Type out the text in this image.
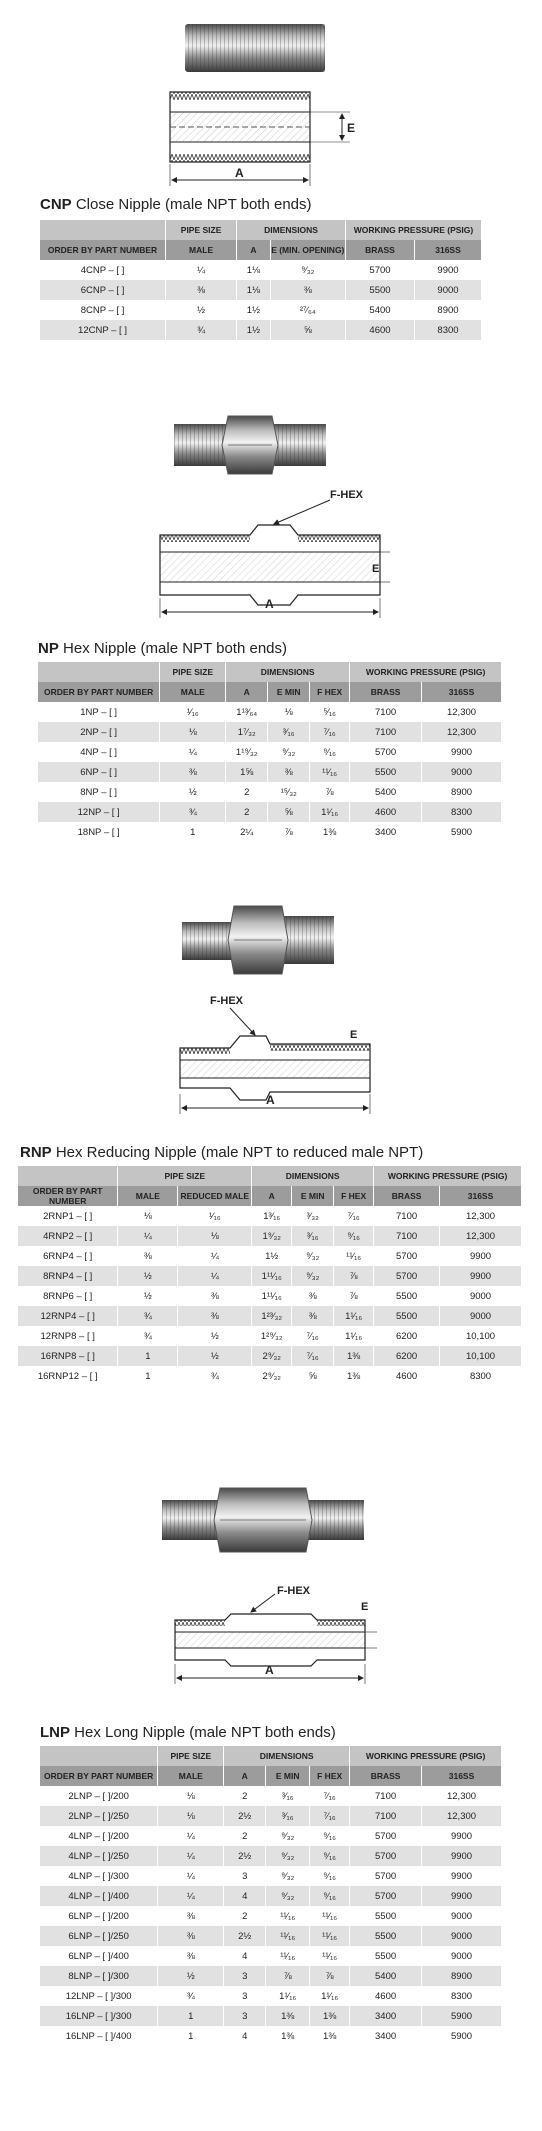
E
A
CNP Close Nipple (male NPT both ends)
	PIPE SIZE	DIMENSIONS		WORKING PRESSURE (PSIG)	
ORDER BY PART NUMBER	MALE	A	E (MIN. OPENING)	BRASS	316SS
4CNP – [ ]	¼	1⅛	⁹⁄₃₂	5700	9900
6CNP – [ ]	⅜	1⅛	⅜	5500	9000
8CNP – [ ]	½	1½	²⁷⁄₆₄	5400	8900
12CNP – [ ]	¾	1½	⅝	4600	8300
F-HEX
E
A
NP Hex Nipple (male NPT both ends)
	PIPE SIZE	DIMENSIONS			WORKING PRESSURE (PSIG)	
ORDER BY PART NUMBER	MALE	A	E MIN	F HEX	BRASS	316SS
1NP – [ ]	¹⁄₁₆	1¹³⁄₆₄	⅛	⁵⁄₁₆	7100	12,300
2NP – [ ]	⅛	1⁷⁄₃₂	³⁄₁₆	⁷⁄₁₆	7100	12,300
4NP – [ ]	¼	1¹⁹⁄₃₂	⁹⁄₃₂	⁹⁄₁₆	5700	9900
6NP – [ ]	⅜	1⅝	⅜	¹¹⁄₁₆	5500	9000
8NP – [ ]	½	2	¹⁵⁄₃₂	⅞	5400	8900
12NP – [ ]	¾	2	⅝	1¹⁄₁₆	4600	8300
18NP – [ ]	1	2¼	⅞	1⅜	3400	5900
F-HEX
E
A
RNP Hex Reducing Nipple (male NPT to reduced male NPT)
	PIPE SIZE		DIMENSIONS			WORKING PRESSURE (PSIG)	
ORDER BY PART NUMBER	MALE	REDUCED MALE	A	E MIN	F HEX	BRASS	316SS
2RNP1 – [ ]	⅛	¹⁄₁₆	1³⁄₁₆	³⁄₃₂	⁷⁄₁₆	7100	12,300
4RNP2 – [ ]	¼	⅛	1⁹⁄₃₂	³⁄₁₆	⁹⁄₁₆	7100	12,300
6RNP4 – [ ]	⅜	¼	1½	⁹⁄₃₂	¹¹⁄₁₆	5700	9900
8RNP4 – [ ]	½	¼	1¹¹⁄₁₆	⁹⁄₃₂	⅞	5700	9900
8RNP6 – [ ]	½	⅜	1¹¹⁄₁₆	⅜	⅞	5500	9000
12RNP4 – [ ]	¾	⅜	1²³⁄₃₂	⅜	1¹⁄₁₆	5500	9000
12RNP8 – [ ]	¾	½	1²⁹⁄₃₂	⁷⁄₁₆	1¹⁄₁₆	6200	10,100
16RNP8 – [ ]	1	½	2⁹⁄₃₂	⁷⁄₁₆	1⅜	6200	10,100
16RNP12 – [ ]	1	¾	2⁹⁄₃₂	⅝	1⅜	4600	8300
F-HEX
E
A
LNP Hex Long Nipple (male NPT both ends)
	PIPE SIZE	DIMENSIONS			WORKING PRESSURE (PSIG)	
ORDER BY PART NUMBER	MALE	A	E MIN	F HEX	BRASS	316SS
2LNP – [ ]/200	⅛	2	³⁄₁₆	⁷⁄₁₆	7100	12,300
2LNP – [ ]/250	⅛	2½	³⁄₁₆	⁷⁄₁₆	7100	12,300
4LNP – [ ]/200	¼	2	⁹⁄₃₂	⁹⁄₁₆	5700	9900
4LNP – [ ]/250	¼	2½	⁹⁄₃₂	⁹⁄₁₆	5700	9900
4LNP – [ ]/300	¼	3	⁹⁄₃₂	⁹⁄₁₆	5700	9900
4LNP – [ ]/400	¼	4	⁹⁄₃₂	⁹⁄₁₆	5700	9900
6LNP – [ ]/200	⅜	2	¹¹⁄₁₆	¹¹⁄₁₆	5500	9000
6LNP – [ ]/250	⅜	2½	¹¹⁄₁₆	¹¹⁄₁₆	5500	9000
6LNP – [ ]/400	⅜	4	¹¹⁄₁₆	¹¹⁄₁₆	5500	9000
8LNP – [ ]/300	½	3	⅞	⅞	5400	8900
12LNP – [ ]/300	¾	3	1¹⁄₁₆	1¹⁄₁₆	4600	8300
16LNP – [ ]/300	1	3	1⅜	1⅜	3400	5900
16LNP – [ ]/400	1	4	1⅜	1⅜	3400	5900
